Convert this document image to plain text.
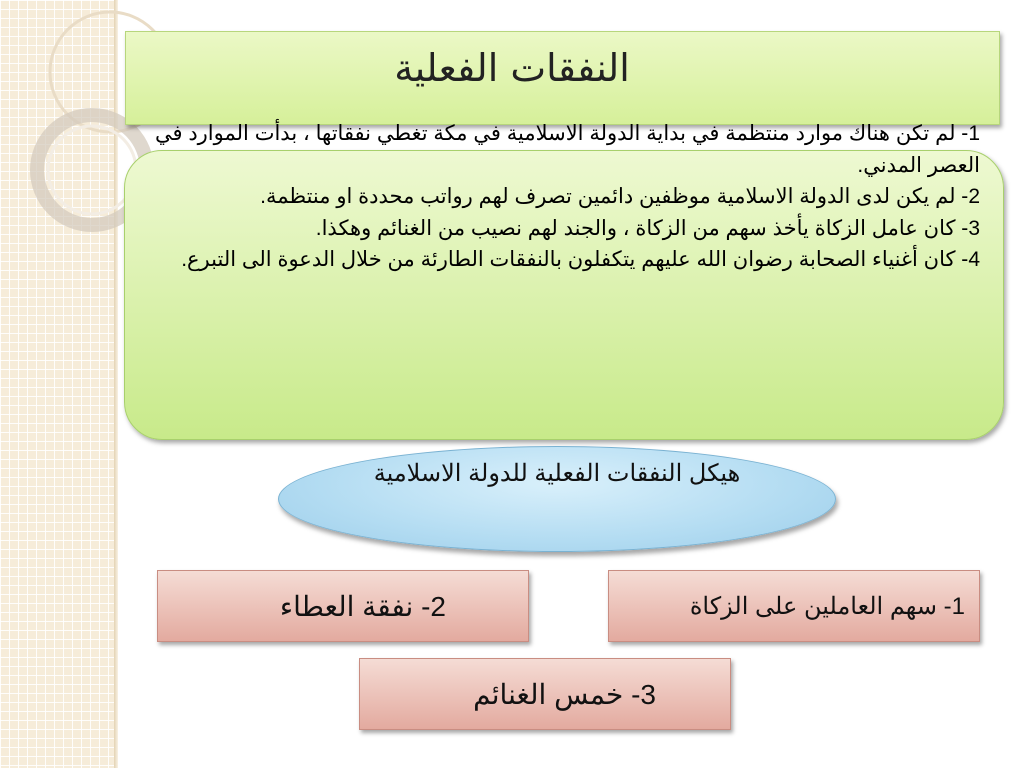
النفقات الفعلية

1- لم تكن هناك موارد منتظمة في بداية الدولة الاسلامية في مكة تغطي نفقاتها ، بدأت الموارد في العصر المدني.

2- لم يكن لدى الدولة الاسلامية موظفين دائمين تصرف لهم رواتب محددة او منتظمة.

3- كان عامل الزكاة يأخذ سهم من الزكاة ، والجند لهم نصيب من الغنائم وهكذا.

4- كان أغنياء الصحابة رضوان الله عليهم يتكفلون بالنفقات الطارئة من خلال الدعوة الى التبرع.

هيكل النفقات الفعلية للدولة الاسلامية
1- سهم العاملين على الزكاة
2- نفقة العطاء
3- خمس الغنائم
